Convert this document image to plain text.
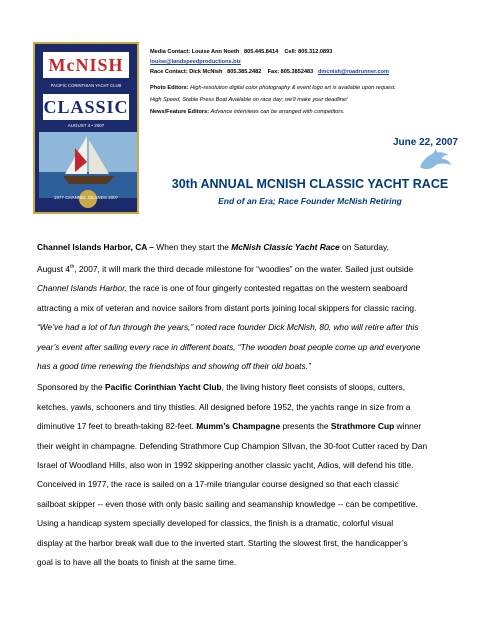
McNISH
PACIFIC CORINTHIAN YACHT CLUB
CLASSIC
AUGUST 4 • 2007
1977 CHANNEL ISLANDS 2007
Media Contact: Louise Ann Noeth 805.445.8414 Cell: 805.312.0893
louise@landspeedproductions.biz
Race Contact: Dick McNish 805.385.2482 Fax: 805.3852483 dmcnish@roadrunner.com
Photo Editors: High-resolution digital color photography & event logo art is available upon request.
High Speed, Stable Press Boat Available on race day; we'll make your deadline!
News/Feature Editors: Advance interviews can be arranged with competitors.
June 22, 2007
30th ANNUAL MCNISH CLASSIC YACHT RACE
End of an Era; Race Founder McNish Retiring
Channel Islands Harbor, CA – When they start the McNish Classic Yacht Race on Saturday,
August 4th, 2007, it will mark the third decade milestone for “woodies” on the water. Sailed just outside
Channel Islands Harbor, the race is one of four gingerly contested regattas on the western seaboard
attracting a mix of veteran and novice sailors from distant ports joining local skippers for classic racing.
“We’ve had a lot of fun through the years,” noted race founder Dick McNish, 80, who will retire after this
year’s event after sailing every race in different boats, “The wooden boat people come up and everyone
has a good time renewing the friendships and showing off their old boats.”
Sponsored by the Pacific Corinthian Yacht Club, the living history fleet consists of sloops, cutters,
ketches, yawls, schooners and tiny thistles. All designed before 1952, the yachts range in size from a
diminutive 17 feet to breath-taking 82-feet. Mumm’s Champagne presents the Strathmore Cup winner
their weight in champagne. Defending Strathmore Cup Champion SIlvan, the 30-foot Cutter raced by Dan
Israel of Woodland Hills, also won in 1992 skippering another classic yacht, Adios, will defend his title.
Conceived in 1977, the race is sailed on a 17-mile triangular course designed so that each classic
sailboat skipper -- even those with only basic sailing and seamanship knowledge -- can be competitive.
Using a handicap system specially developed for classics, the finish is a dramatic, colorful visual
display at the harbor break wall due to the inverted start. Starting the slowest first, the handicapper’s
goal is to have all the boats to finish at the same time.
